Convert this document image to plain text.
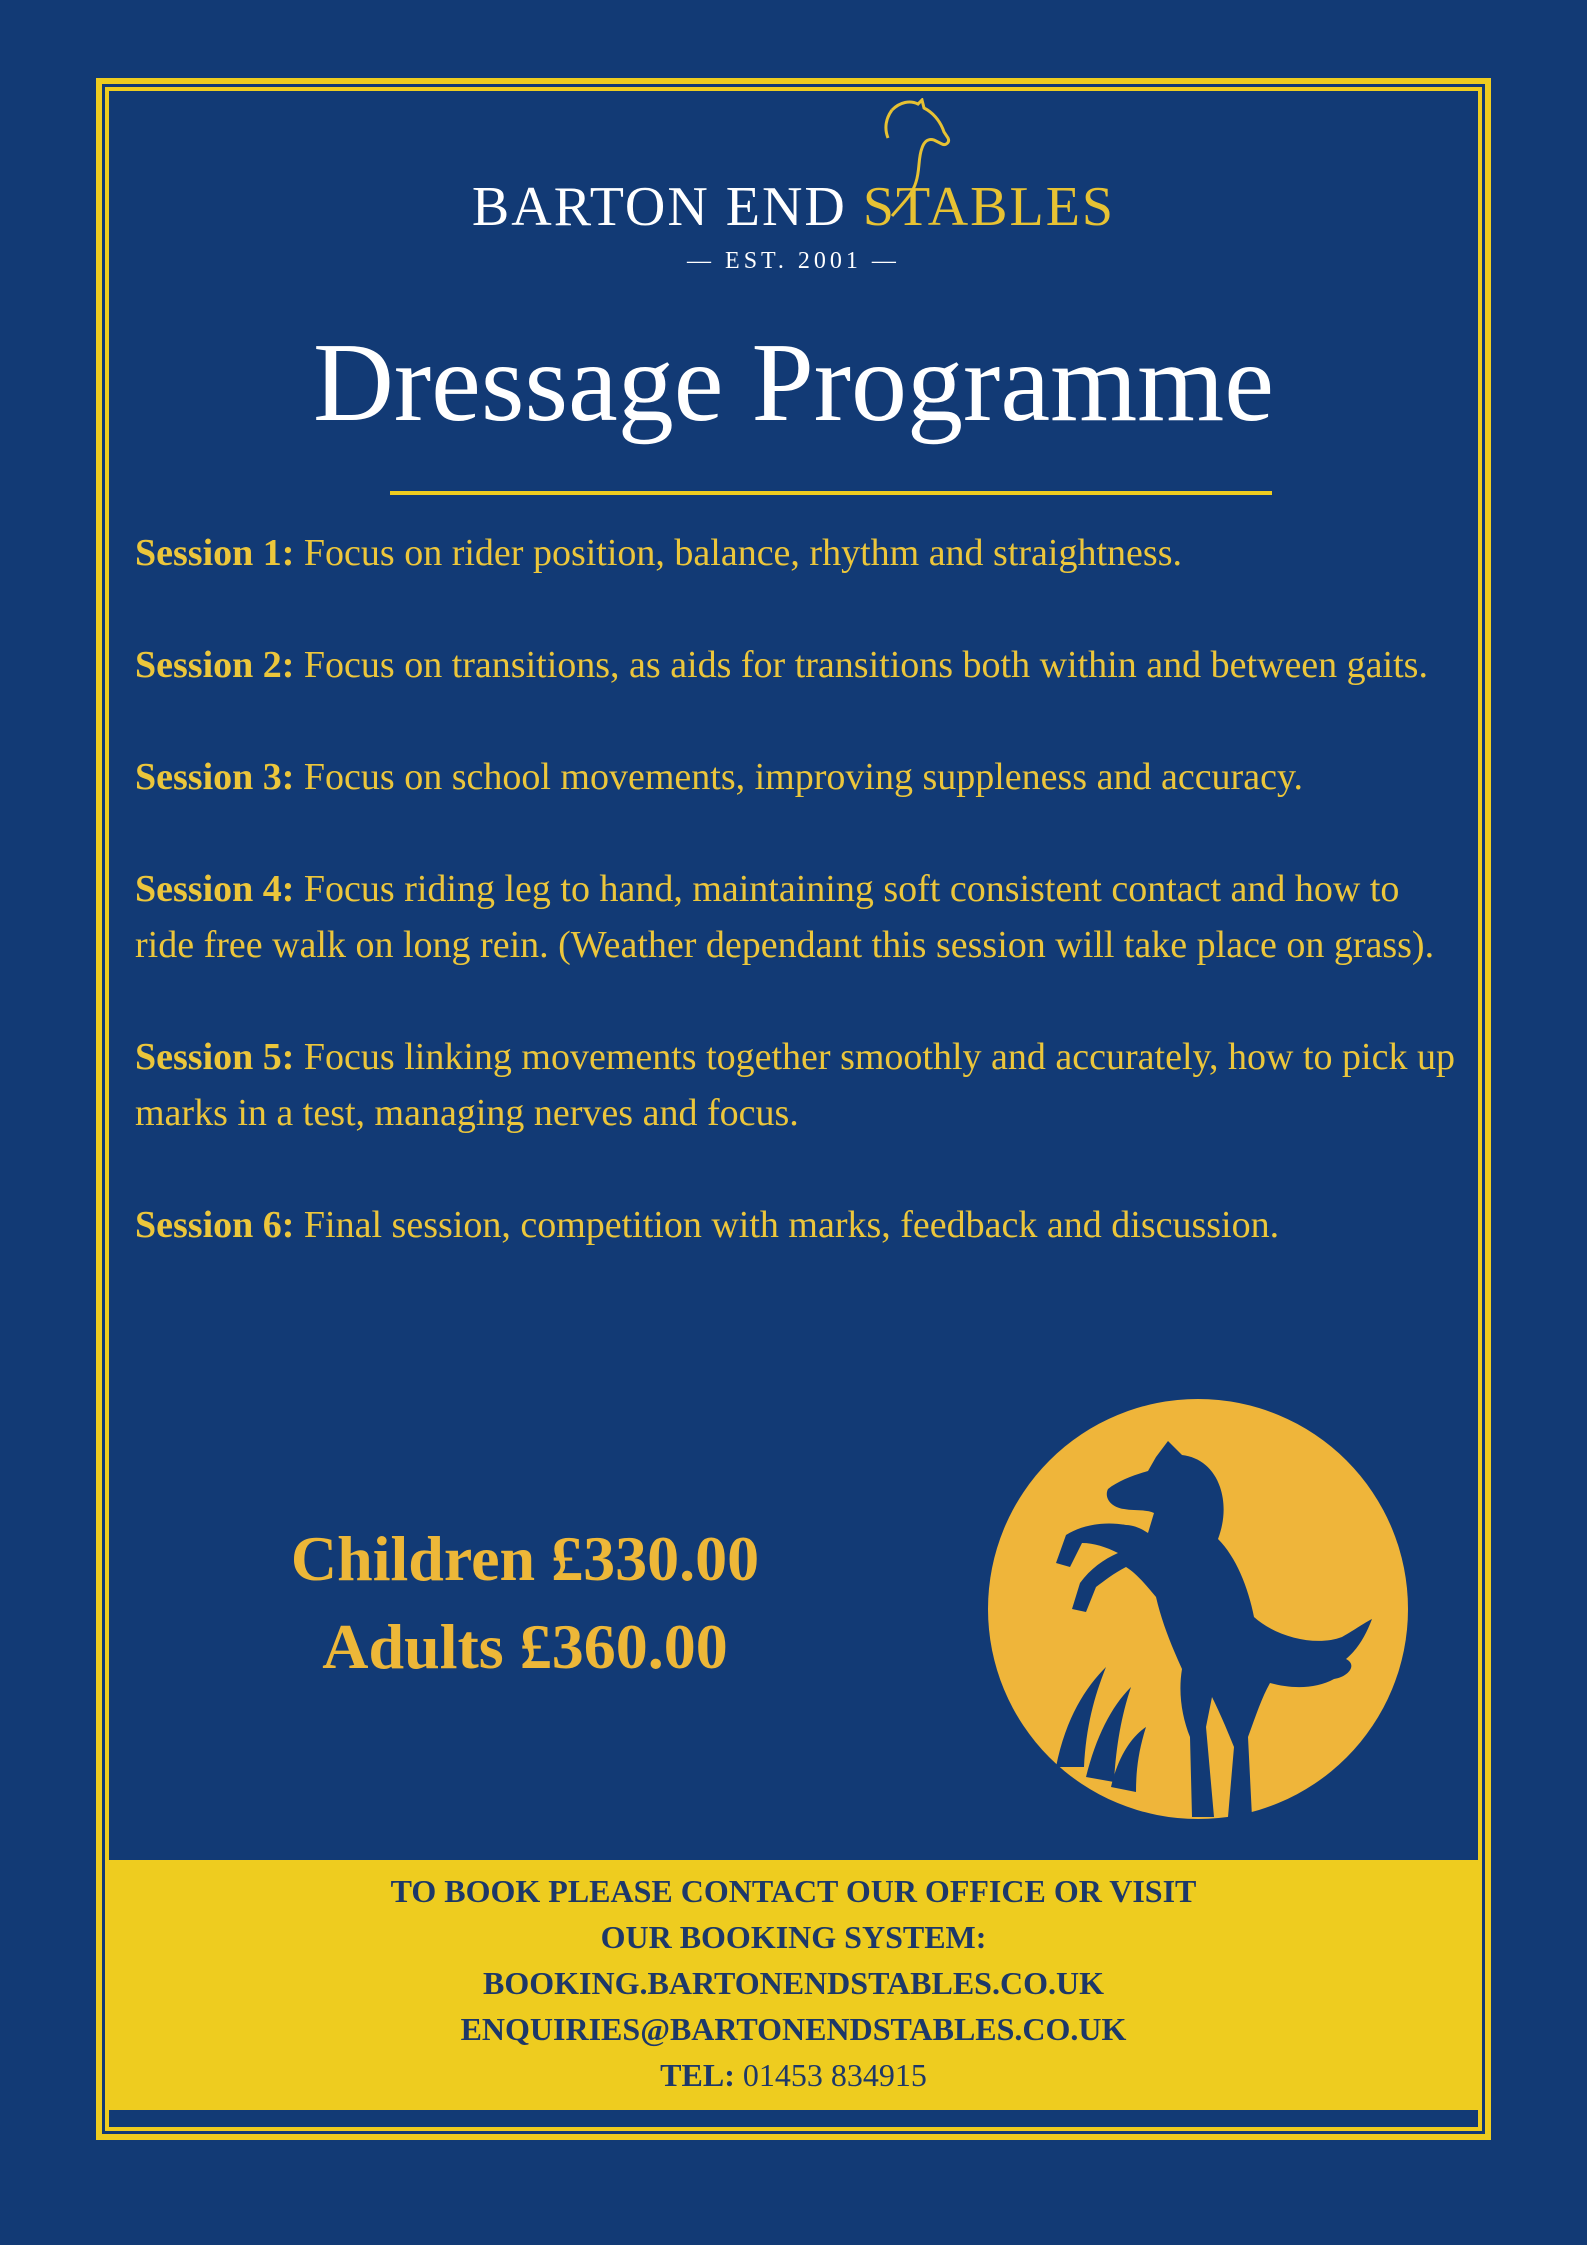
BARTON END STABLES
— EST. 2001 —
Dressage Programme
Session 1: Focus on rider position, balance, rhythm and straightness.
Session 2: Focus on transitions, as aids for transitions both within and between gaits.
Session 3: Focus on school movements, improving suppleness and accuracy.
Session 4: Focus riding leg to hand, maintaining soft consistent contact and how to ride free walk on long rein. (Weather dependant this session will take place on grass).
Session 5: Focus linking movements together smoothly and accurately, how to pick up marks in a test, managing nerves and focus.
Session 6: Final session, competition with marks, feedback and discussion.
Children £330.00
Adults £360.00
TO BOOK PLEASE CONTACT OUR OFFICE OR VISIT
OUR BOOKING SYSTEM:
BOOKING.BARTONENDSTABLES.CO.UK
ENQUIRIES@BARTONENDSTABLES.CO.UK
TEL: 01453 834915
